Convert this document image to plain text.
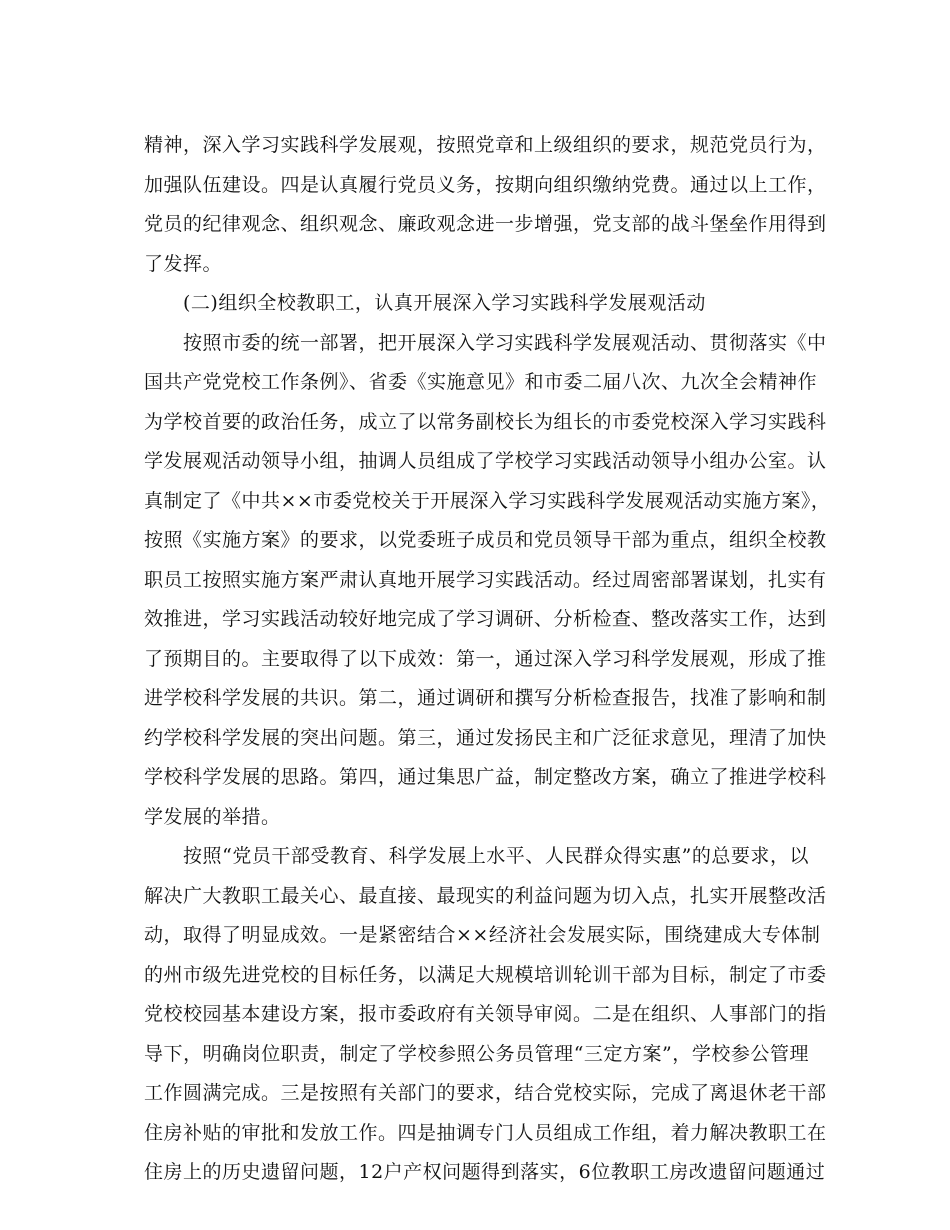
精神，深入学习实践科学发展观，按照党章和上级组织的要求，规范党员行为，
加强队伍建设。四是认真履行党员义务，按期向组织缴纳党费。通过以上工作，
党员的纪律观念、组织观念、廉政观念进一步增强，党支部的战斗堡垒作用得到
了发挥。
(二)组织全校教职工，认真开展深入学习实践科学发展观活动
按照市委的统一部署，把开展深入学习实践科学发展观活动、贯彻落实《中
国共产党党校工作条例》、省委《实施意见》和市委二届八次、九次全会精神作
为学校首要的政治任务，成立了以常务副校长为组长的市委党校深入学习实践科
学发展观活动领导小组，抽调人员组成了学校学习实践活动领导小组办公室。认
真制定了《中共××市委党校关于开展深入学习实践科学发展观活动实施方案》，
按照《实施方案》的要求，以党委班子成员和党员领导干部为重点，组织全校教
职员工按照实施方案严肃认真地开展学习实践活动。经过周密部署谋划，扎实有
效推进，学习实践活动较好地完成了学习调研、分析检查、整改落实工作，达到
了预期目的。主要取得了以下成效：第一，通过深入学习科学发展观，形成了推
进学校科学发展的共识。第二，通过调研和撰写分析检查报告，找准了影响和制
约学校科学发展的突出问题。第三，通过发扬民主和广泛征求意见，理清了加快
学校科学发展的思路。第四，通过集思广益，制定整改方案，确立了推进学校科
学发展的举措。
按照“党员干部受教育、科学发展上水平、人民群众得实惠”的总要求，以
解决广大教职工最关心、最直接、最现实的利益问题为切入点，扎实开展整改活
动，取得了明显成效。一是紧密结合××经济社会发展实际，围绕建成大专体制
的州市级先进党校的目标任务，以满足大规模培训轮训干部为目标，制定了市委
党校校园基本建设方案，报市委政府有关领导审阅。二是在组织、人事部门的指
导下，明确岗位职责，制定了学校参照公务员管理“三定方案”，学校参公管理
工作圆满完成。三是按照有关部门的要求，结合党校实际，完成了离退休老干部
住房补贴的审批和发放工作。四是抽调专门人员组成工作组，着力解决教职工在
住房上的历史遗留问题，12户产权问题得到落实，6位教职工房改遗留问题通过
